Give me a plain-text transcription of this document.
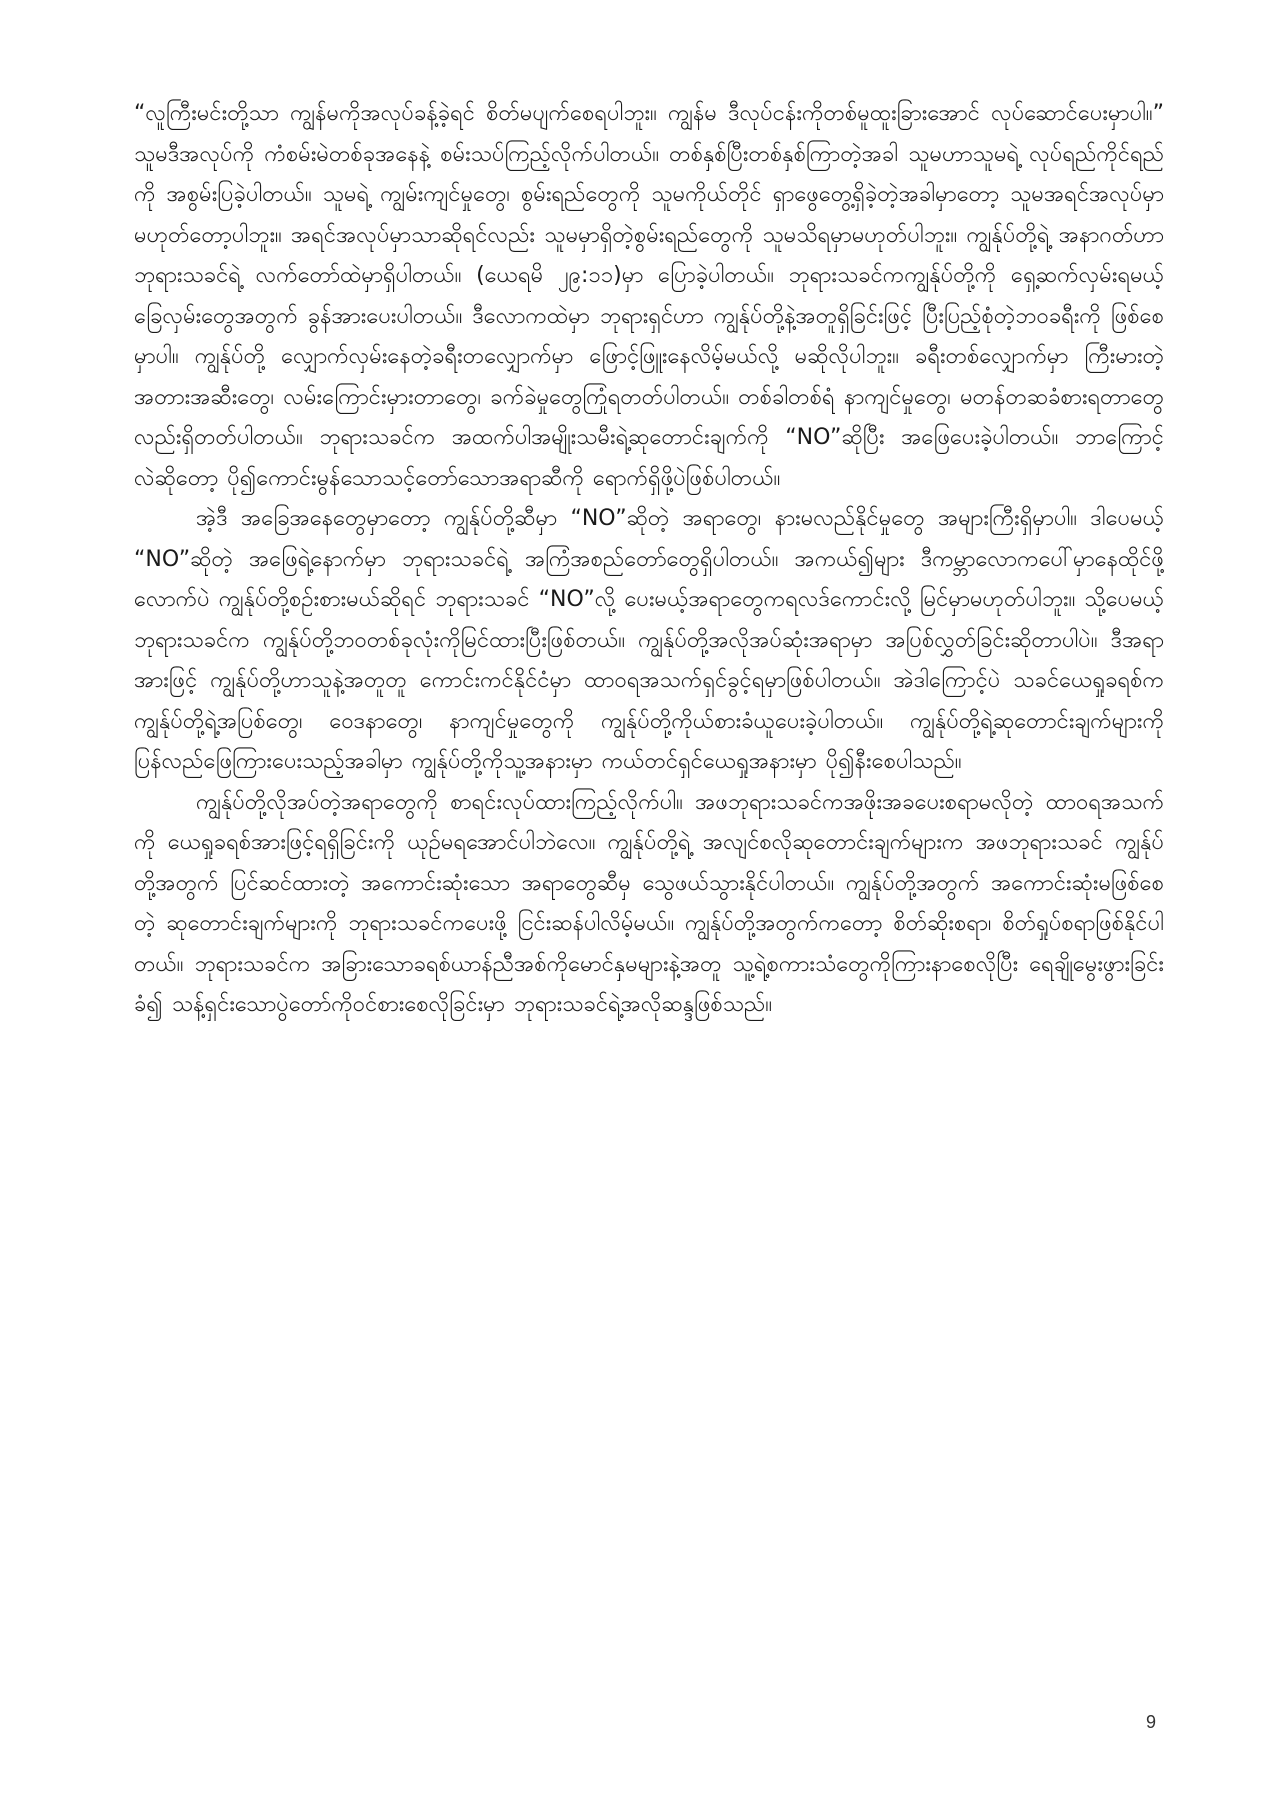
“လူကြီးမင်းတို့သာ ကျွန်မကိုအလုပ်ခန့်ခဲ့ရင် စိတ်မပျက်စေရပါဘူး။ ကျွန်မ ဒီလုပ်ငန်းကိုတစ်မူထူးခြားအောင် လုပ်ဆောင်ပေးမှာပါ။” သူမဒီအလုပ်ကို ကံစမ်းမဲတစ်ခုအနေနဲ့ စမ်းသပ်ကြည့်လိုက်ပါတယ်။ တစ်နှစ်ပြီးတစ်နှစ်ကြာတဲ့အခါ သူမဟာသူမရဲ့ လုပ်ရည်ကိုင်ရည်ကို အစွမ်းပြခဲ့ပါတယ်။ သူမရဲ့ ကျွမ်းကျင်မှုတွေ၊ စွမ်းရည်တွေကို သူမကိုယ်တိုင် ရှာဖွေတွေ့ရှိခဲ့တဲ့အခါမှာတော့ သူမအရင်အလုပ်မှာမဟုတ်တော့ပါဘူး။ အရင်အလုပ်မှာသာဆိုရင်လည်း သူမမှာရှိတဲ့စွမ်းရည်တွေကို သူမသိရမှာမဟုတ်ပါဘူး။ ကျွန်ုပ်တို့ရဲ့ အနာဂတ်ဟာ ဘုရားသခင်ရဲ့ လက်တော်ထဲမှာရှိပါတယ်။ (ယေရမိ ၂၉:၁၁)မှာ ပြောခဲ့ပါတယ်။ ဘုရားသခင်ကကျွန်ုပ်တို့ကို ရှေ့ဆက်လှမ်းရမယ့်ခြေလှမ်းတွေအတွက် ခွန်အားပေးပါတယ်။ ဒီလောကထဲမှာ ဘုရားရှင်ဟာ ကျွန်ုပ်တို့နဲ့အတူရှိခြင်းဖြင့် ပြီးပြည့်စုံတဲ့ဘဝခရီးကို ဖြစ်စေမှာပါ။ ကျွန်ုပ်တို့ လျှောက်လှမ်းနေတဲ့ခရီးတလျှောက်မှာ ဖြောင့်ဖြူးနေလိမ့်မယ်လို့ မဆိုလိုပါဘူး။ ခရီးတစ်လျှောက်မှာ ကြီးမားတဲ့အတားအဆီးတွေ၊ လမ်းကြောင်းမှားတာတွေ၊ ခက်ခဲမှုတွေကြုံရတတ်ပါတယ်။ တစ်ခါတစ်ရံ နာကျင်မှုတွေ၊ မတန်တဆခံစားရတာတွေလည်းရှိတတ်ပါတယ်။ ဘုရားသခင်က အထက်ပါအမျိုးသမီးရဲ့ဆုတောင်းချက်ကို “NO”ဆိုပြီး အဖြေပေးခဲ့ပါတယ်။ ဘာကြောင့်လဲဆိုတော့ ပို၍ကောင်းမွန်သောသင့်တော်သောအရာဆီကို ရောက်ရှိဖို့ပဲဖြစ်ပါတယ်။

အဲ့ဒီ အခြေအနေတွေမှာတော့ ကျွန်ုပ်တို့ဆီမှာ “NO”ဆိုတဲ့ အရာတွေ၊ နားမလည်နိုင်မှုတွေ အများကြီးရှိမှာပါ။ ဒါပေမယ့် “NO”ဆိုတဲ့ အဖြေရဲ့နောက်မှာ ဘုရားသခင်ရဲ့ အကြံအစည်တော်တွေရှိပါတယ်။ အကယ်၍များ ဒီကမ္ဘာလောကပေါ်မှာနေထိုင်ဖို့လောက်ပဲ ကျွန်ုပ်တို့စဉ်းစားမယ်ဆိုရင် ဘုရားသခင် “NO”လို့ ပေးမယ့်အရာတွေကရလဒ်ကောင်းလို့ မြင်မှာမဟုတ်ပါဘူး။ သို့ပေမယ့် ဘုရားသခင်က ကျွန်ုပ်တို့ဘဝတစ်ခုလုံးကိုမြင်ထားပြီးဖြစ်တယ်။ ကျွန်ုပ်တို့အလိုအပ်ဆုံးအရာမှာ အပြစ်လွှတ်ခြင်းဆိုတာပါပဲ။ ဒီအရာအားဖြင့် ကျွန်ုပ်တို့ဟာသူနဲ့အတူတူ ကောင်းကင်နိုင်ငံမှာ ထာဝရအသက်ရှင်ခွင့်ရမှာဖြစ်ပါတယ်။ အဲဒါကြောင့်ပဲ သခင်ယေရှုခရစ်က ကျွန်ုပ်တို့ရဲ့အပြစ်တွေ၊ ဝေဒနာတွေ၊ နာကျင်မှုတွေကို ကျွန်ုပ်တို့ကိုယ်စားခံယူပေးခဲ့ပါတယ်။ ကျွန်ုပ်တို့ရဲ့ဆုတောင်းချက်များကို ပြန်လည်ဖြေကြားပေးသည့်အခါမှာ ကျွန်ုပ်တို့ကိုသူ့အနားမှာ ကယ်တင်ရှင်ယေရှုအနားမှာ ပို၍နီးစေပါသည်။

ကျွန်ုပ်တို့လိုအပ်တဲ့အရာတွေကို စာရင်းလုပ်ထားကြည့်လိုက်ပါ။ အဖဘုရားသခင်ကအဖိုးအခပေးစရာမလိုတဲ့ ထာဝရအသက်ကို ယေရှုခရစ်အားဖြင့်ရရှိခြင်းကို ယုဉ်မရအောင်ပါဘဲလေ။ ကျွန်ုပ်တို့ရဲ့ အလျင်စလိုဆုတောင်းချက်များက အဖဘုရားသခင် ကျွန်ုပ်တို့အတွက် ပြင်ဆင်ထားတဲ့ အကောင်းဆုံးသော အရာတွေဆီမှ သွေဖယ်သွားနိုင်ပါတယ်။ ကျွန်ုပ်တို့အတွက် အကောင်းဆုံးမဖြစ်စေတဲ့ ဆုတောင်းချက်များကို ဘုရားသခင်ကပေးဖို့ ငြင်းဆန်ပါလိမ့်မယ်။ ကျွန်ုပ်တို့အတွက်ကတော့ စိတ်ဆိုးစရာ၊ စိတ်ရှုပ်စရာဖြစ်နိုင်ပါတယ်။ ဘုရားသခင်က အခြားသောခရစ်ယာန်ညီအစ်ကိုမောင်နှမများနဲ့အတူ သူ့ရဲ့စကားသံတွေကိုကြားနာစေလိုပြီး ရေချိုမွေးဖွားခြင်းခံ၍ သန့်ရှင်းသောပွဲတော်ကိုဝင်စားစေလိုခြင်းမှာ ဘုရားသခင်ရဲ့အလိုဆန္ဒဖြစ်သည်။

9
